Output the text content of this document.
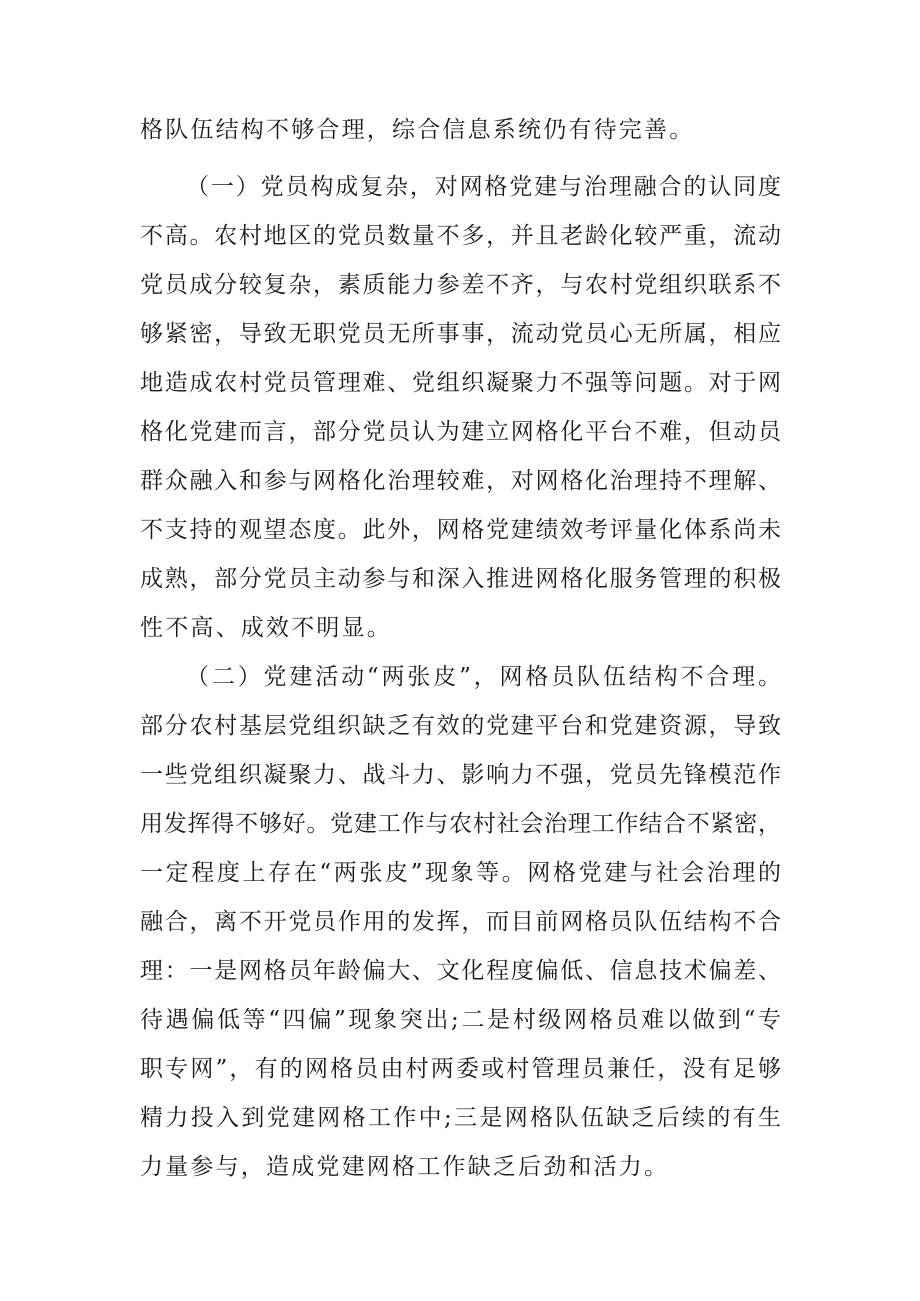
格队伍结构不够合理，综合信息系统仍有待完善。
（一）党员构成复杂，对网格党建与治理融合的认同度
不高。农村地区的党员数量不多，并且老龄化较严重，流动
党员成分较复杂，素质能力参差不齐，与农村党组织联系不
够紧密，导致无职党员无所事事，流动党员心无所属，相应
地造成农村党员管理难、党组织凝聚力不强等问题。对于网
格化党建而言，部分党员认为建立网格化平台不难，但动员
群众融入和参与网格化治理较难，对网格化治理持不理解、
不支持的观望态度。此外，网格党建绩效考评量化体系尚未
成熟，部分党员主动参与和深入推进网格化服务管理的积极
性不高、成效不明显。
（二）党建活动“两张皮”，网格员队伍结构不合理。
部分农村基层党组织缺乏有效的党建平台和党建资源，导致
一些党组织凝聚力、战斗力、影响力不强，党员先锋模范作
用发挥得不够好。党建工作与农村社会治理工作结合不紧密，
一定程度上存在“两张皮”现象等。网格党建与社会治理的
融合，离不开党员作用的发挥，而目前网格员队伍结构不合
理：一是网格员年龄偏大、文化程度偏低、信息技术偏差、
待遇偏低等“四偏”现象突出;二是村级网格员难以做到“专
职专网”，有的网格员由村两委或村管理员兼任，没有足够
精力投入到党建网格工作中;三是网格队伍缺乏后续的有生
力量参与，造成党建网格工作缺乏后劲和活力。
